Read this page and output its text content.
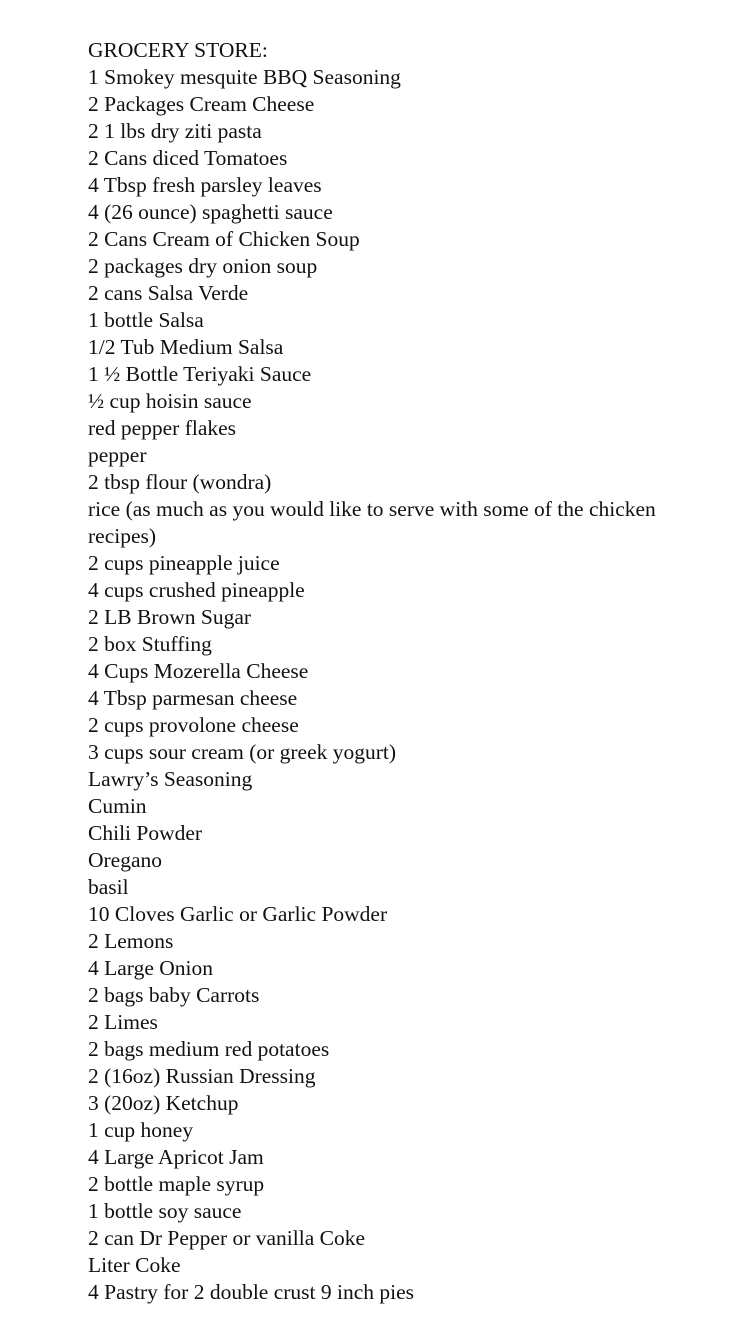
GROCERY STORE:

1 Smokey mesquite BBQ Seasoning

2 Packages Cream Cheese

2 1 lbs dry ziti pasta

2 Cans diced Tomatoes

4 Tbsp fresh parsley leaves

4 (26 ounce) spaghetti sauce

2 Cans Cream of Chicken Soup

2 packages dry onion soup

2 cans Salsa Verde

1 bottle Salsa

1/2 Tub Medium Salsa

1 ½ Bottle Teriyaki Sauce

½ cup hoisin sauce

red pepper flakes

pepper

2 tbsp flour (wondra)

rice (as much as you would like to serve with some of the chicken recipes)

2 cups pineapple juice

4 cups crushed pineapple

2 LB Brown Sugar

2 box Stuffing

4 Cups Mozerella Cheese

4 Tbsp parmesan cheese

2 cups provolone cheese

3 cups sour cream (or greek yogurt)

Lawry’s Seasoning

Cumin

Chili Powder

Oregano

basil

10 Cloves Garlic or Garlic Powder

2 Lemons

4 Large Onion

2 bags baby Carrots

2 Limes

2 bags medium red potatoes

2 (16oz) Russian Dressing

3 (20oz) Ketchup

1 cup honey

4 Large Apricot Jam

2 bottle maple syrup

1 bottle soy sauce

2 can Dr Pepper or vanilla Coke

Liter Coke

4 Pastry for 2 double crust 9 inch pies
